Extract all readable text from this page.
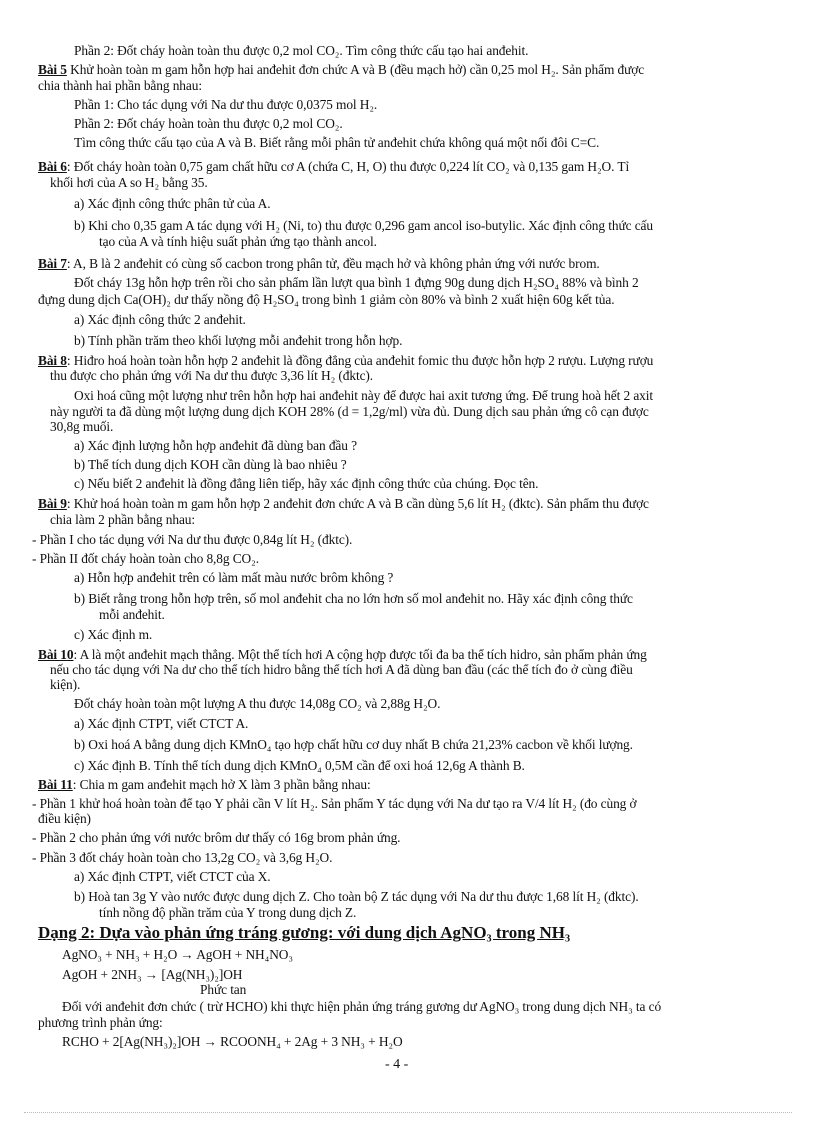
Phần 2: Đốt cháy hoàn toàn thu được 0,2 mol CO₂. Tìm công thức cấu tạo hai anđehit.
Bài 5 Khử hoàn toàn m gam hỗn hợp hai anđehit đơn chức A và B (đều mạch hở) cần 0,25 mol H₂. Sản phẩm được
chia thành hai phần bằng nhau:
Phần 1: Cho tác dụng với Na dư thu được 0,0375 mol H₂.
Phần 2: Đốt cháy hoàn toàn thu được 0,2 mol CO₂.
Tìm công thức cấu tạo của A và B. Biết rằng mỗi phân tử anđehit chứa không quá một nối đôi C=C.
Bài 6: Đốt cháy hoàn toàn 0,75 gam chất hữu cơ A (chứa C, H, O) thu được 0,224 lít CO₂ và 0,135 gam H₂O. Tỉ
khối hơi của A so H₂ bằng 35.
a) Xác định công thức phân tử của A.
b) Khi cho 0,35 gam A tác dụng với H₂ (Ni, to) thu được 0,296 gam ancol iso-butylic. Xác định công thức cấu
tạo của A và tính hiệu suất phản ứng tạo thành ancol.
Bài 7: A, B là 2 anđehit có cùng số cacbon trong phân tử, đều mạch hở và không phản ứng với nước brom.
Đốt cháy 13g hỗn hợp trên rồi cho sản phẩm lần lượt qua bình 1 đựng 90g dung dịch H₂SO₄ 88% và bình 2
đựng dung dịch Ca(OH)₂ dư thấy nồng độ H₂SO₄ trong bình 1 giảm còn 80% và bình 2 xuất hiện 60g kết tủa.
a) Xác định công thức 2 anđehit.
b) Tính phần trăm theo khối lượng mỗi anđehit trong hỗn hợp.
Bài 8: Hiđro hoá hoàn toàn hỗn hợp 2 anđehit là đồng đẳng của anđehit fomic thu được hỗn hợp 2 rượu. Lượng rượu
thu được cho phản ứng với Na dư thu được 3,36 lít H₂ (đktc).
Oxi hoá cũng một lượng như trên hỗn hợp hai anđehit này để được hai axit tương ứng. Để trung hoà hết 2 axit
này người ta đã dùng một lượng dung dịch KOH 28% (d = 1,2g/ml) vừa đủ. Dung dịch sau phản ứng cô cạn được
30,8g muối.
a) Xác định lượng hỗn hợp anđehit đã dùng ban đầu ?
b) Thể tích dung dịch KOH cần dùng là bao nhiêu ?
c) Nếu biết 2 anđehit là đồng đẳng liên tiếp, hãy xác định công thức của chúng. Đọc tên.
Bài 9: Khử hoá hoàn toàn m gam hỗn hợp 2 anđehit đơn chức A và B cần dùng 5,6 lít H₂ (đktc). Sản phẩm thu được
chia làm 2 phần bằng nhau:
- Phần I cho tác dụng với Na dư thu được 0,84g lít H₂ (đktc).
- Phần II đốt cháy hoàn toàn cho 8,8g CO₂.
a) Hỗn hợp anđehit trên có làm mất màu nước brôm không ?
b) Biết rằng trong hỗn hợp trên, số mol anđehit cha no lớn hơn số mol anđehit no. Hãy xác định công thức
mỗi anđehit.
c) Xác định m.
Bài 10: A là một anđehit mạch thẳng. Một thể tích hơi A cộng hợp được tối đa ba thể tích hidro, sản phẩm phản ứng
nếu cho tác dụng với Na dư cho thể tích hidro bằng thể tích hơi A đã dùng ban đầu (các thể tích đo ở cùng điều
kiện).
Đốt cháy hoàn toàn một lượng A thu được 14,08g CO₂ và 2,88g H₂O.
a) Xác định CTPT, viết CTCT A.
b) Oxi hoá A bằng dung dịch KMnO₄ tạo hợp chất hữu cơ duy nhất B chứa 21,23% cacbon về khối lượng.
c) Xác định B. Tính thể tích dung dịch KMnO₄ 0,5M cần để oxi hoá 12,6g A thành B.
Bài 11: Chia m gam anđehit mạch hở X làm 3 phần bằng nhau:
- Phần 1 khử hoá hoàn toàn để tạo Y phải cần V lít H₂. Sản phẩm Y tác dụng với Na dư tạo ra V/4 lít H₂ (đo cùng ở
điều kiện)
- Phần 2 cho phản ứng với nước brôm dư thấy có 16g brom phản ứng.
- Phần 3 đốt cháy hoàn toàn cho 13,2g CO₂ và 3,6g H₂O.
a) Xác định CTPT, viết CTCT của X.
b) Hoà tan 3g Y vào nước được dung dịch Z. Cho toàn bộ Z tác dụng với Na dư thu được 1,68 lít H₂ (đktc).
tính nồng độ phần trăm của Y trong dung dịch Z.
Dạng 2: Dựa vào phản ứng tráng gương: với dung dịch AgNO₃ trong NH₃
AgNO₃ + NH₃ + H₂O → AgOH + NH₄NO₃
AgOH + 2NH₃ → [Ag(NH₃)₂]OH
Phức tan
Đối với anđehit đơn chức ( trừ HCHO) khi thực hiện phản ứng tráng gương dư AgNO₃ trong dung dịch NH₃ ta có
phương trình phản ứng:
RCHO + 2[Ag(NH₃)₂]OH → RCOONH₄ + 2Ag + 3 NH₃ + H₂O
- 4 -
